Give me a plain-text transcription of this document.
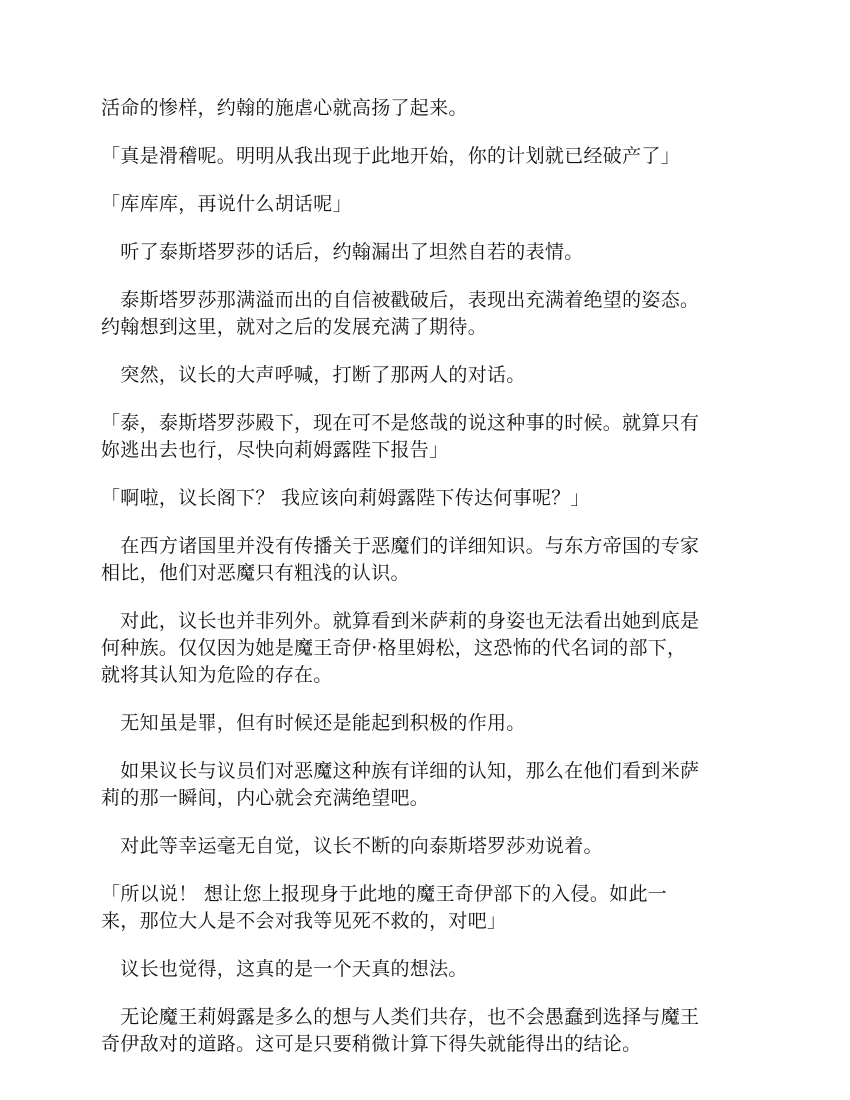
活命的惨样，约翰的施虐心就高扬了起来。

「真是滑稽呢。明明从我出现于此地开始，你的计划就已经破产了」

「库库库，再说什么胡话呢」

　听了泰斯塔罗莎的话后，约翰漏出了坦然自若的表情。

　泰斯塔罗莎那满溢而出的自信被戳破后，表现出充满着绝望的姿态。
约翰想到这里，就对之后的发展充满了期待。

　突然，议长的大声呼喊，打断了那两人的对话。

「泰，泰斯塔罗莎殿下，现在可不是悠哉的说这种事的时候。就算只有
妳逃出去也行，尽快向莉姆露陛下报告」

「啊啦，议长阁下？ 我应该向莉姆露陛下传达何事呢？」

　在西方诸国里并没有传播关于恶魔们的详细知识。与东方帝国的专家
相比，他们对恶魔只有粗浅的认识。

　对此，议长也并非列外。就算看到米萨莉的身姿也无法看出她到底是
何种族。仅仅因为她是魔王奇伊·格里姆松，这恐怖的代名词的部下，
就将其认知为危险的存在。

　无知虽是罪，但有时候还是能起到积极的作用。

　如果议长与议员们对恶魔这种族有详细的认知，那么在他们看到米萨
莉的那一瞬间，内心就会充满绝望吧。

　对此等幸运毫无自觉，议长不断的向泰斯塔罗莎劝说着。

「所以说！ 想让您上报现身于此地的魔王奇伊部下的入侵。如此一
来，那位大人是不会对我等见死不救的，对吧」

　议长也觉得，这真的是一个天真的想法。

　无论魔王莉姆露是多么的想与人类们共存，也不会愚蠢到选择与魔王
奇伊敌对的道路。这可是只要稍微计算下得失就能得出的结论。
